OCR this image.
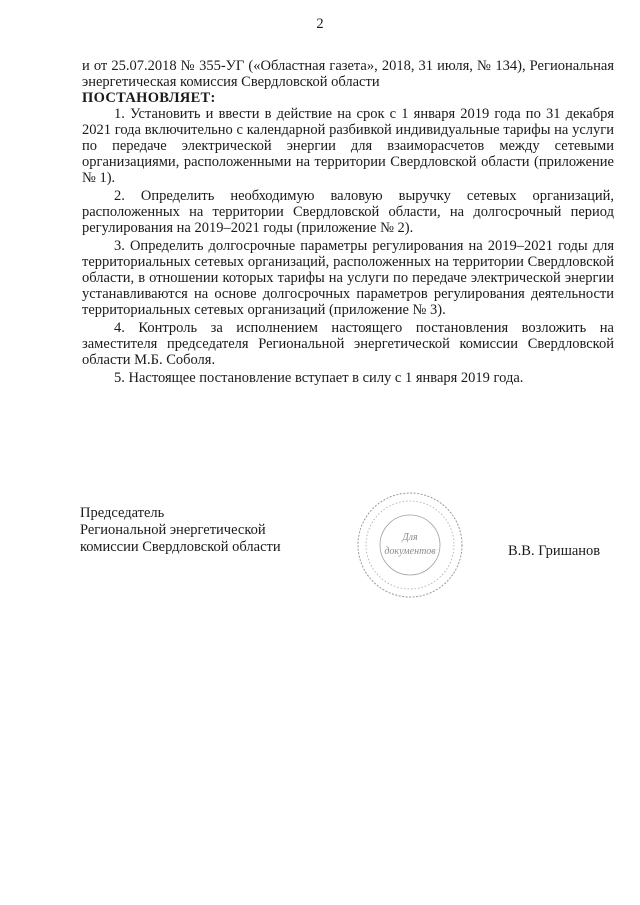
2

и от 25.07.2018 № 355-УГ («Областная газета», 2018, 31 июля, № 134), Региональная энергетическая комиссия Свердловской области

ПОСТАНОВЛЯЕТ:

1. Установить и ввести в действие на срок с 1 января 2019 года по 31 декабря 2021 года включительно с календарной разбивкой индивидуальные тарифы на услуги по передаче электрической энергии для взаиморасчетов между сетевыми организациями, расположенными на территории Свердловской области (приложение № 1).

2. Определить необходимую валовую выручку сетевых организаций, расположенных на территории Свердловской области, на долгосрочный период регулирования на 2019–2021 годы (приложение № 2).

3. Определить долгосрочные параметры регулирования на 2019–2021 годы для территориальных сетевых организаций, расположенных на территории Свердловской области, в отношении которых тарифы на услуги по передаче электрической энергии устанавливаются на основе долгосрочных параметров регулирования деятельности территориальных сетевых организаций (приложение № 3).

4. Контроль за исполнением настоящего постановления возложить на заместителя председателя Региональной энергетической комиссии Свердловской области М.Б. Соболя.

5. Настоящее постановление вступает в силу с 1 января 2019 года.

Председатель
Региональной энергетической
комиссии Свердловской области
Для
документов	В.В. Гришанов
